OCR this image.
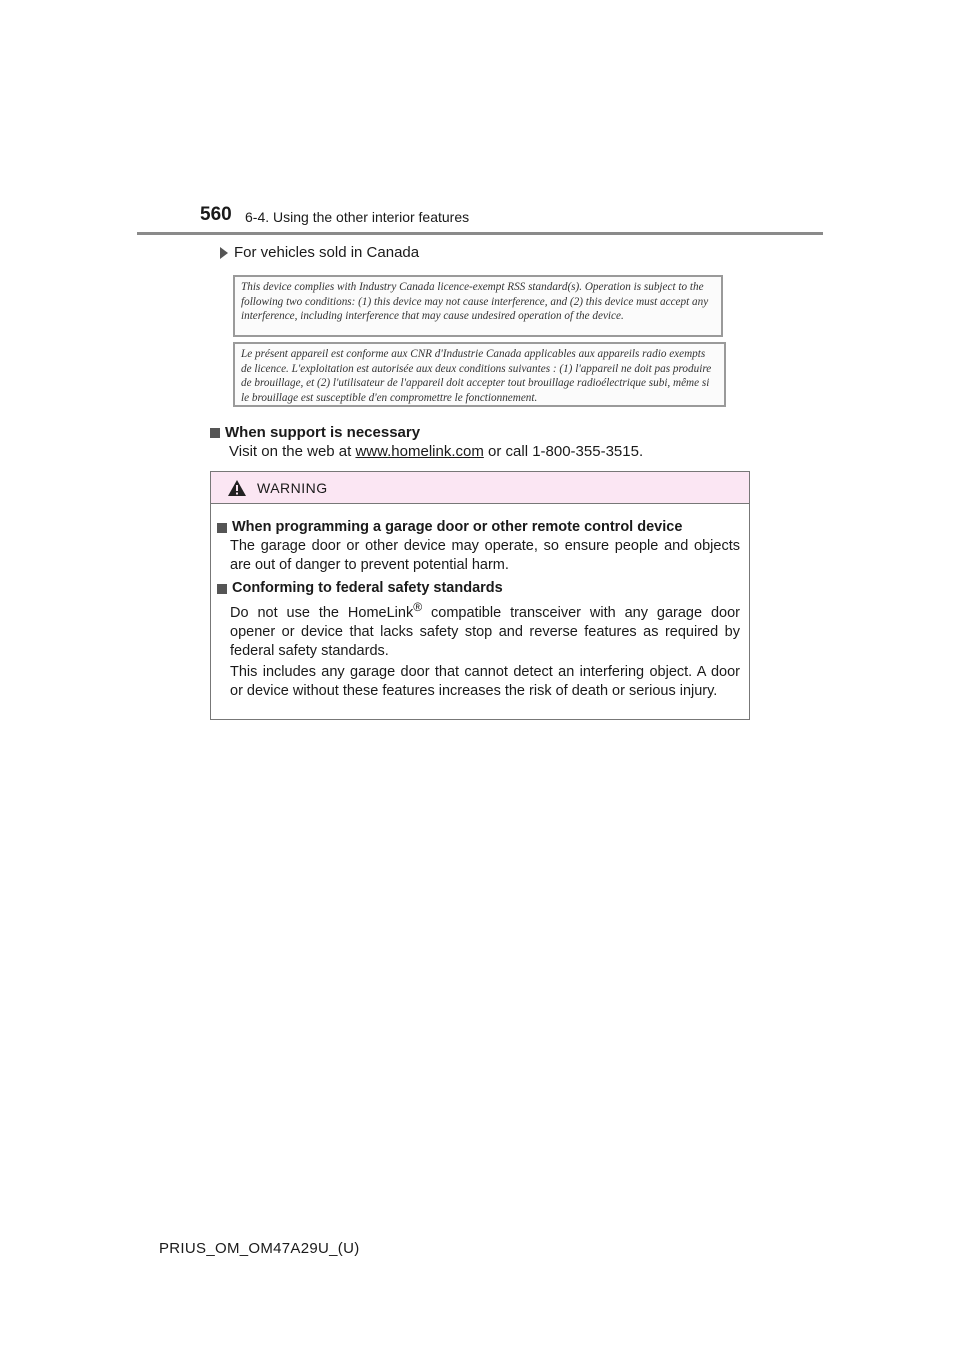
560 6-4. Using the other interior features
For vehicles sold in Canada
This device complies with Industry Canada licence-exempt RSS standard(s). Operation is subject to the following two conditions: (1) this device may not cause interference, and (2) this device must accept any interference, including interference that may cause undesired operation of the device.
Le présent appareil est conforme aux CNR d'Industrie Canada applicables aux appareils radio exempts de licence. L'exploitation est autorisée aux deux conditions suivantes : (1) l'appareil ne doit pas produire de brouillage, et (2) l'utilisateur de l'appareil doit accepter tout brouillage radioélectrique subi, même si le brouillage est susceptible d'en compromettre le fonctionnement.
When support is necessary
Visit on the web at www.homelink.com or call 1-800-355-3515.
WARNING
When programming a garage door or other remote control device
The garage door or other device may operate, so ensure people and objects are out of danger to prevent potential harm.
Conforming to federal safety standards
Do not use the HomeLink® compatible transceiver with any garage door opener or device that lacks safety stop and reverse features as required by federal safety standards.
This includes any garage door that cannot detect an interfering object. A door or device without these features increases the risk of death or serious injury.
PRIUS_OM_OM47A29U_(U)
